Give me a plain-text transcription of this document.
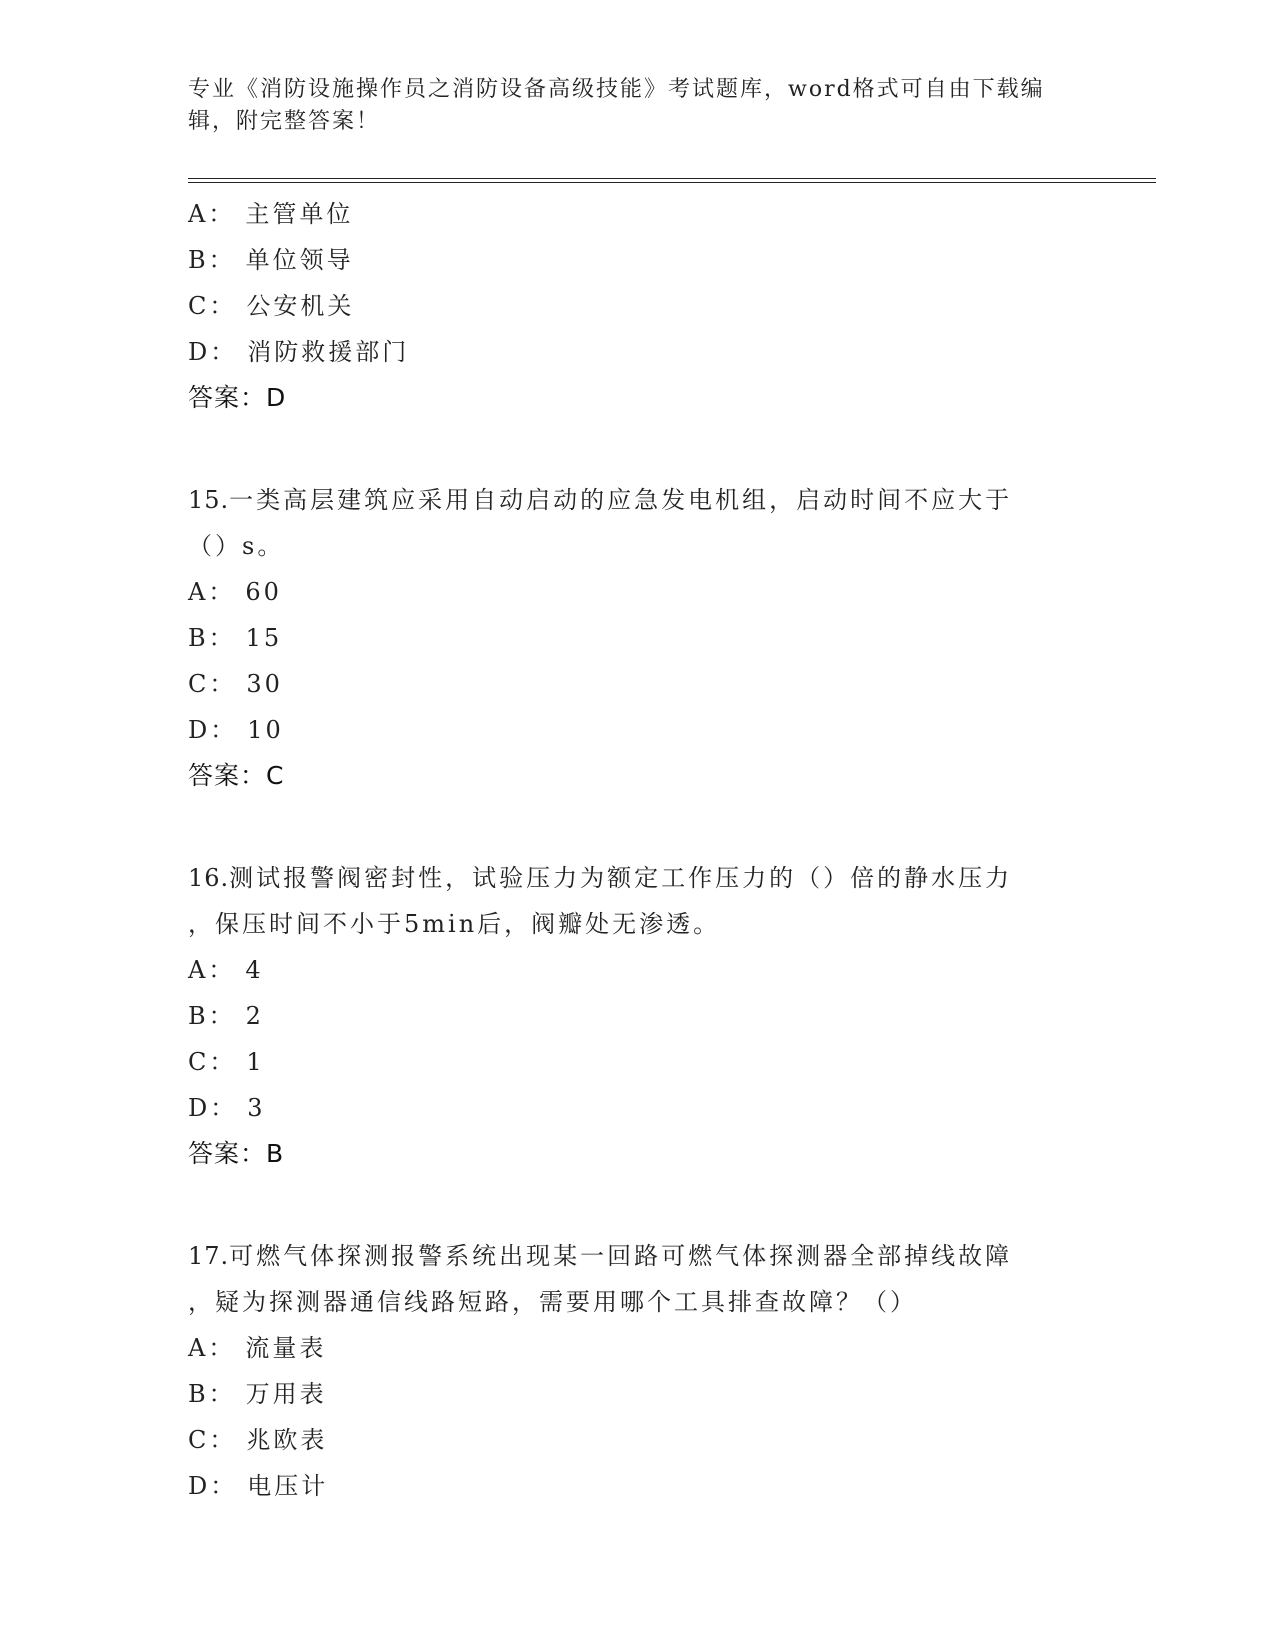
专业《消防设施操作员之消防设备高级技能》考试题库，word格式可自由下载编
辑，附完整答案！
A： 主管单位
B： 单位领导
C： 公安机关
D： 消防救援部门
答案：D
15.一类高层建筑应采用自动启动的应急发电机组，启动时间不应大于
（）s。
A： 60
B： 15
C： 30
D： 10
答案：C
16.测试报警阀密封性，试验压力为额定工作压力的（）倍的静水压力
，保压时间不小于5min后，阀瓣处无渗透。
A： 4
B： 2
C： 1
D： 3
答案：B
17.可燃气体探测报警系统出现某一回路可燃气体探测器全部掉线故障
，疑为探测器通信线路短路，需要用哪个工具排查故障？（）
A： 流量表
B： 万用表
C： 兆欧表
D： 电压计
